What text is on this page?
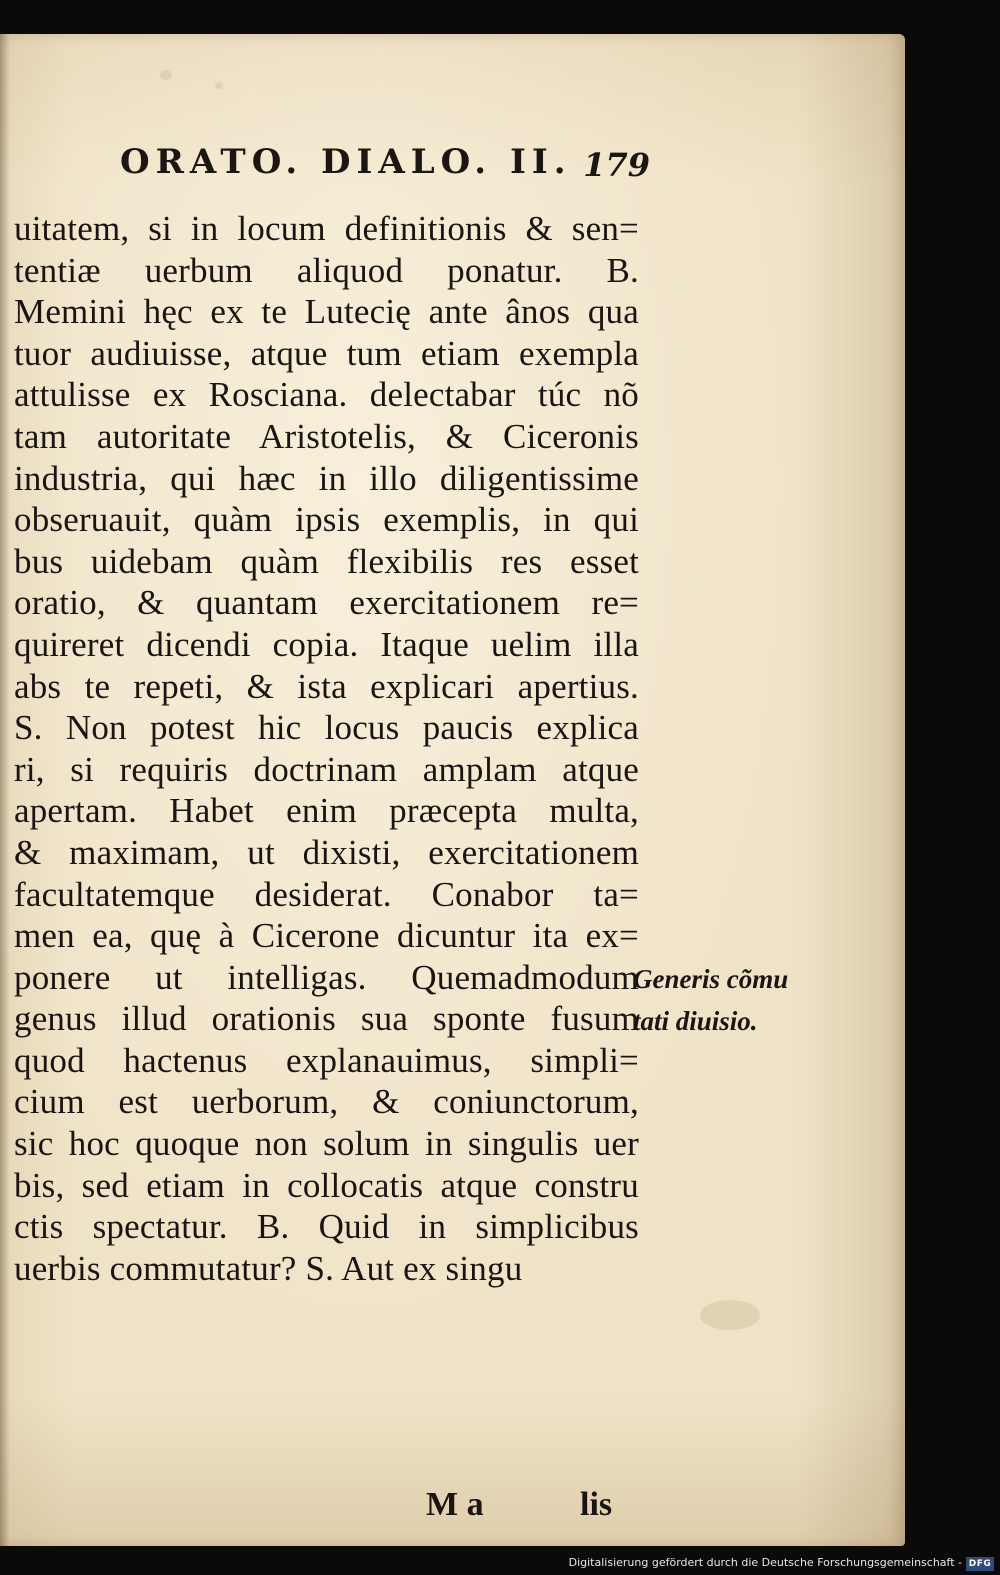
ORATO. DIALO. II. 179
uitatem, si in locum definitionis & sen=
tentiæ uerbum aliquod ponatur. B.
Memini hęc ex te Lutecię ante ânos qua
tuor audiuisse, atque tum etiam exempla
attulisse ex Rosciana. delectabar túc nõ
tam autoritate Aristotelis, & Ciceronis
industria, qui hæc in illo diligentissime
obseruauit, quàm ipsis exemplis, in qui
bus uidebam quàm flexibilis res esset
oratio, & quantam exercitationem re=
quireret dicendi copia. Itaque uelim illa
abs te repeti, & ista explicari apertius.
S. Non potest hic locus paucis explica
ri, si requiris doctrinam amplam atque
apertam. Habet enim præcepta multa,
& maximam, ut dixisti, exercitationem
facultatemque desiderat. Conabor ta=
men ea, quę à Cicerone dicuntur ita ex=
ponere ut intelligas. Quemadmodum
genus illud orationis sua sponte fusum
quod hactenus explanauimus, simpli=
cium est uerborum, & coniunctorum,
sic hoc quoque non solum in singulis uer
bis, sed etiam in collocatis atque constru
ctis spectatur. B. Quid in simplicibus
uerbis commutatur? S. Aut ex singu
M a	lis
Generis cõmu
tati diuisio.
Digitalisierung gefördert durch die Deutsche Forschungsgemeinschaft - DFG
